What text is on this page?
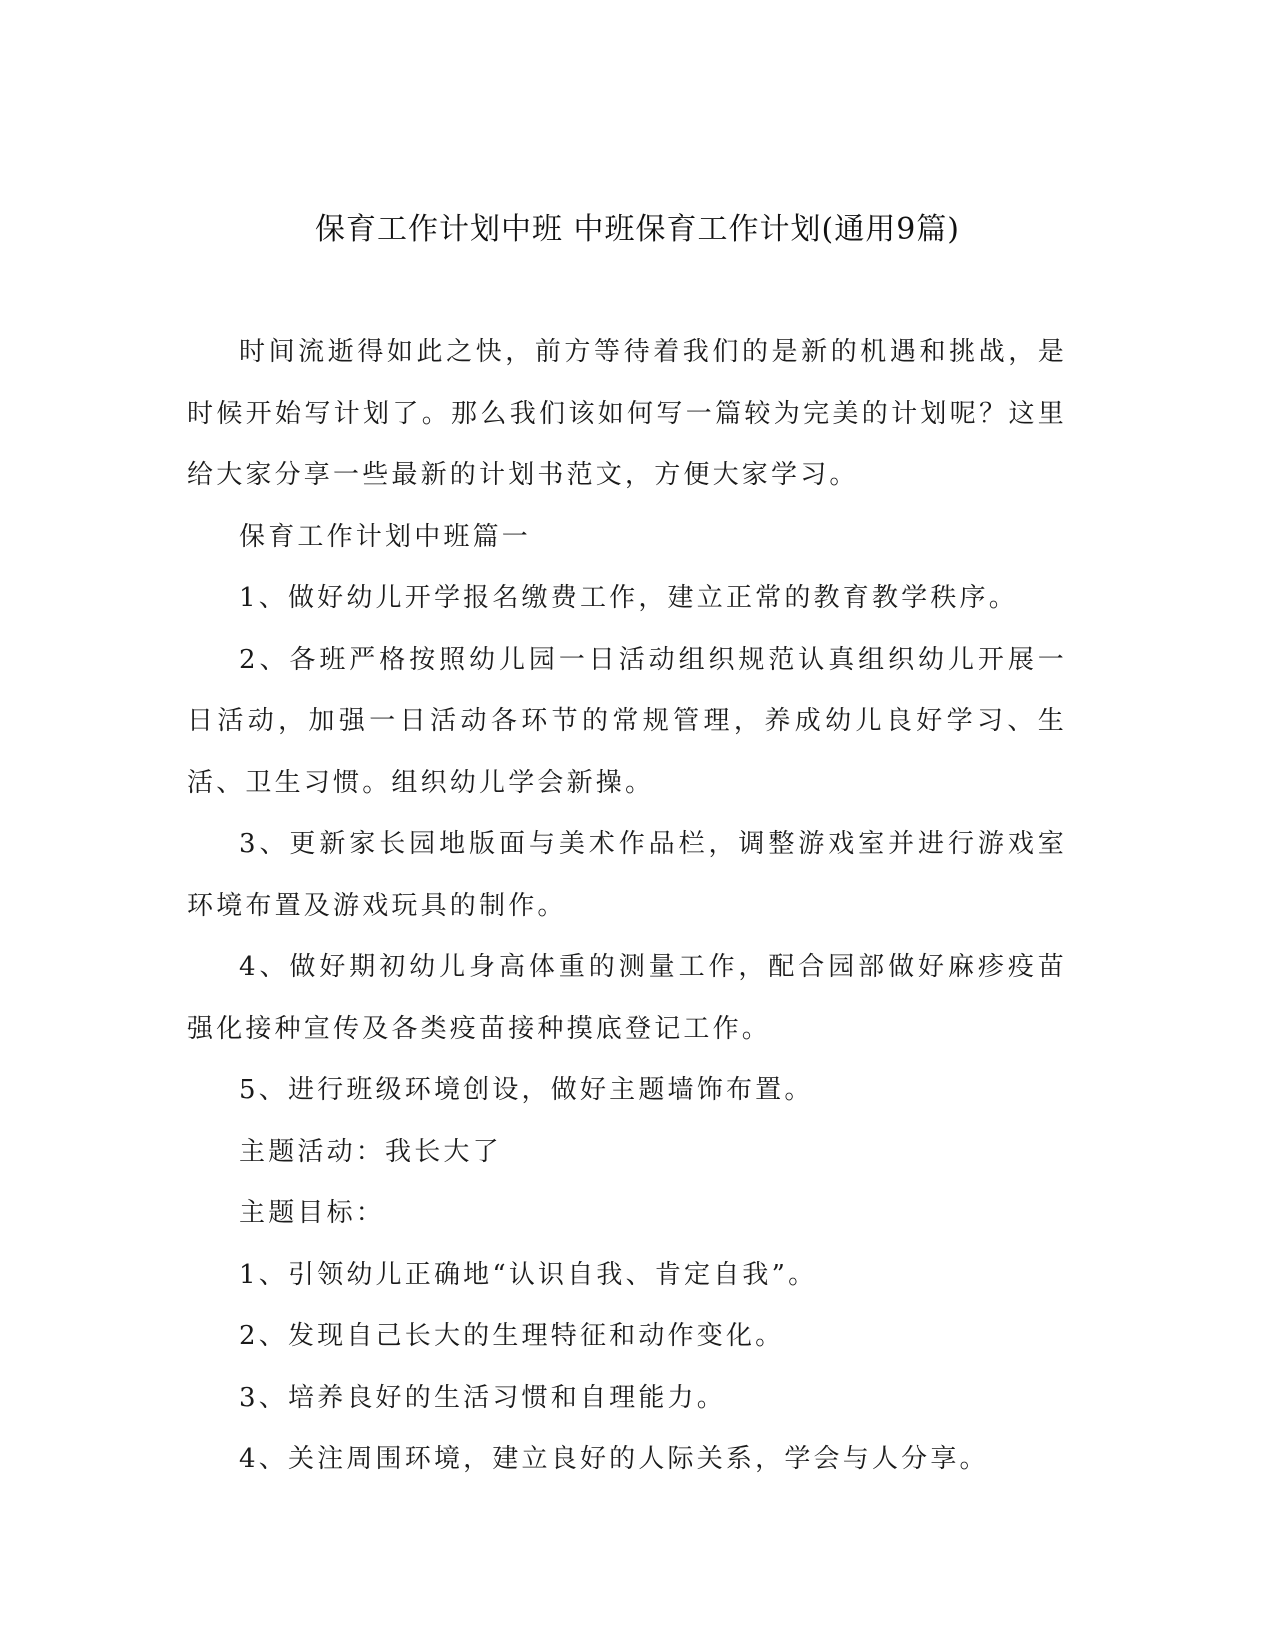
保育工作计划中班 中班保育工作计划(通用9篇)

时间流逝得如此之快，前方等待着我们的是新的机遇和挑战，是时候开始写计划了。那么我们该如何写一篇较为完美的计划呢？这里给大家分享一些最新的计划书范文，方便大家学习。

保育工作计划中班篇一

1、做好幼儿开学报名缴费工作，建立正常的教育教学秩序。

2、各班严格按照幼儿园一日活动组织规范认真组织幼儿开展一日活动，加强一日活动各环节的常规管理，养成幼儿良好学习、生活、卫生习惯。组织幼儿学会新操。

3、更新家长园地版面与美术作品栏，调整游戏室并进行游戏室环境布置及游戏玩具的制作。

4、做好期初幼儿身高体重的测量工作，配合园部做好麻疹疫苗强化接种宣传及各类疫苗接种摸底登记工作。

5、进行班级环境创设，做好主题墙饰布置。

主题活动：我长大了

主题目标：

1、引领幼儿正确地“认识自我、肯定自我”。

2、发现自己长大的生理特征和动作变化。

3、培养良好的生活习惯和自理能力。

4、关注周围环境，建立良好的人际关系，学会与人分享。
